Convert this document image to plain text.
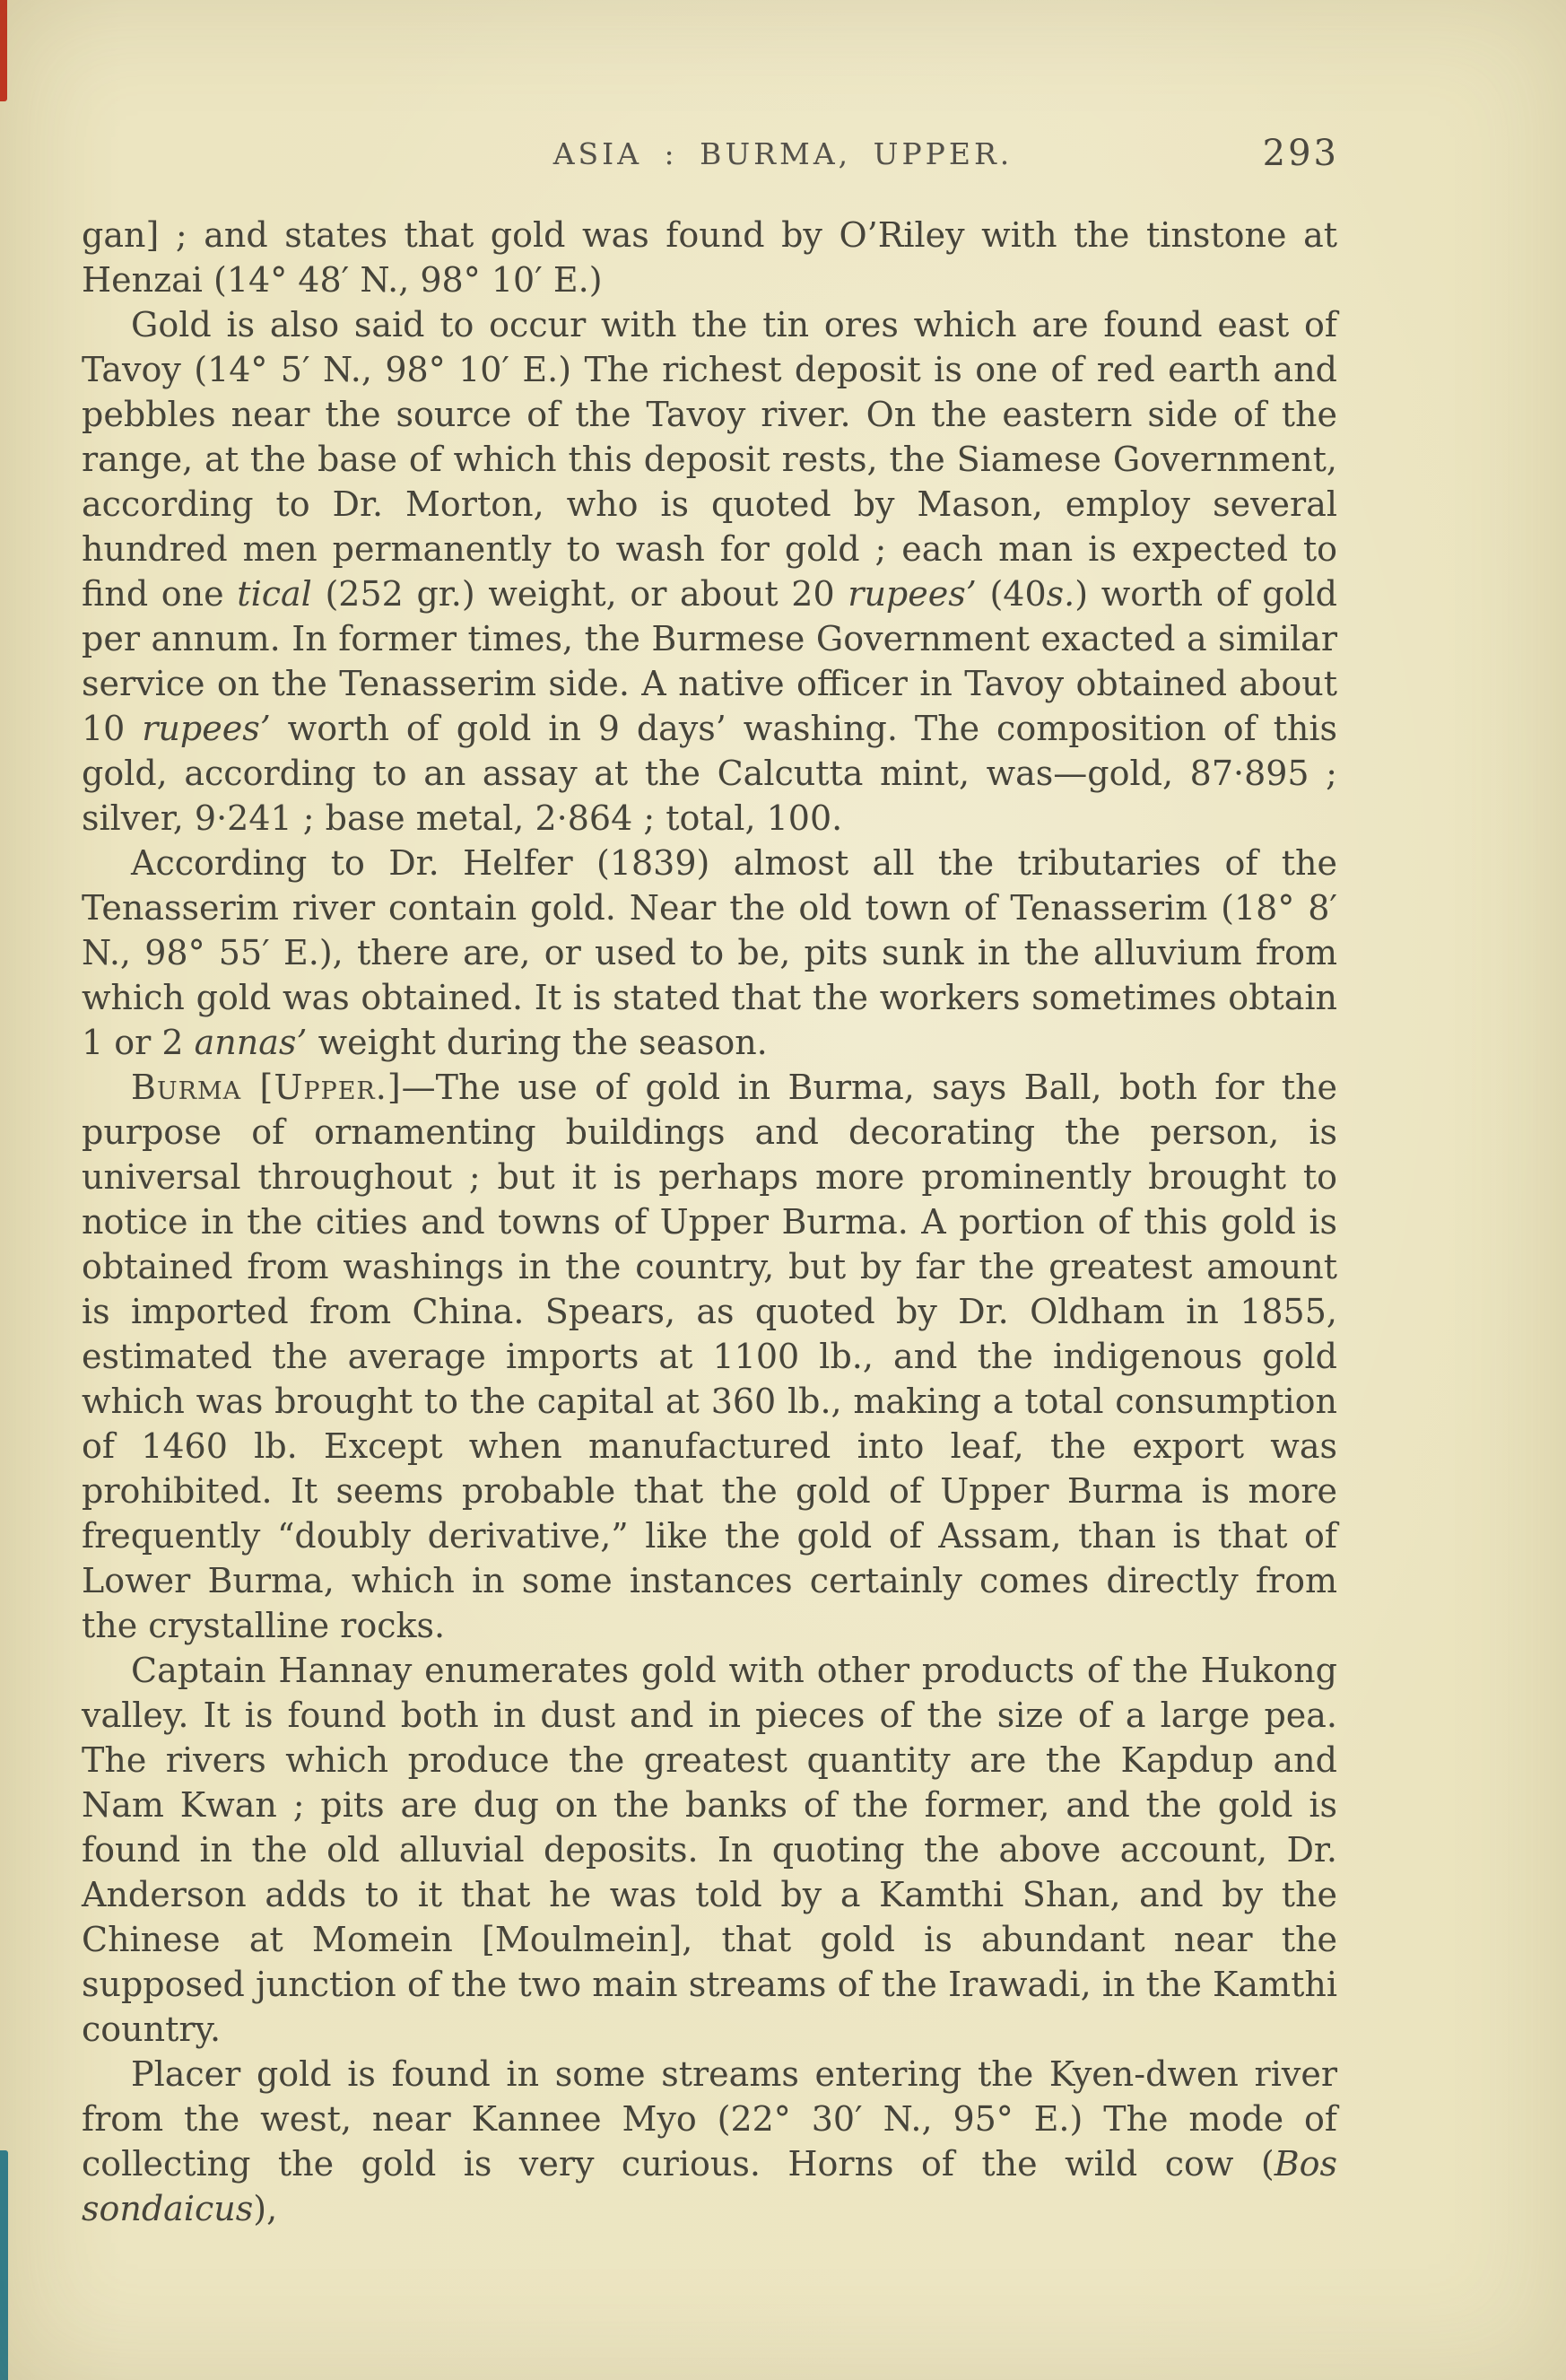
ASIA : BURMA, UPPER.	293

gan] ; and states that gold was found by O’Riley with the tinstone at Henzai (14° 48′ N., 98° 10′ E.)

Gold is also said to occur with the tin ores which are found east of Tavoy (14° 5′ N., 98° 10′ E.) The richest deposit is one of red earth and pebbles near the source of the Tavoy river. On the eastern side of the range, at the base of which this deposit rests, the Siamese Government, according to Dr. Morton, who is quoted by Mason, employ several hundred men permanently to wash for gold ; each man is expected to find one tical (252 gr.) weight, or about 20 rupees’ (40s.) worth of gold per annum. In former times, the Burmese Government exacted a similar service on the Tenasserim side. A native officer in Tavoy obtained about 10 rupees’ worth of gold in 9 days’ washing. The composition of this gold, according to an assay at the Calcutta mint, was—gold, 87·895 ; silver, 9·241 ; base metal, 2·864 ; total, 100.

According to Dr. Helfer (1839) almost all the tributaries of the Tenasserim river contain gold. Near the old town of Tenasserim (18° 8′ N., 98° 55′ E.), there are, or used to be, pits sunk in the alluvium from which gold was obtained. It is stated that the workers sometimes obtain 1 or 2 annas’ weight during the season.

Burma [Upper.]—The use of gold in Burma, says Ball, both for the purpose of ornamenting buildings and decorating the person, is universal throughout ; but it is perhaps more prominently brought to notice in the cities and towns of Upper Burma. A portion of this gold is obtained from washings in the country, but by far the greatest amount is imported from China. Spears, as quoted by Dr. Oldham in 1855, estimated the average imports at 1100 lb., and the indigenous gold which was brought to the capital at 360 lb., making a total consumption of 1460 lb. Except when manufactured into leaf, the export was prohibited. It seems probable that the gold of Upper Burma is more frequently “doubly derivative,” like the gold of Assam, than is that of Lower Burma, which in some instances certainly comes directly from the crystalline rocks.

Captain Hannay enumerates gold with other products of the Hukong valley. It is found both in dust and in pieces of the size of a large pea. The rivers which produce the greatest quantity are the Kapdup and Nam Kwan ; pits are dug on the banks of the former, and the gold is found in the old alluvial deposits. In quoting the above account, Dr. Anderson adds to it that he was told by a Kamthi Shan, and by the Chinese at Momein [Moulmein], that gold is abundant near the supposed junction of the two main streams of the Irawadi, in the Kamthi country.

Placer gold is found in some streams entering the Kyen-dwen river from the west, near Kannee Myo (22° 30′ N., 95° E.) The mode of collecting the gold is very curious. Horns of the wild cow (Bos sondaicus),
